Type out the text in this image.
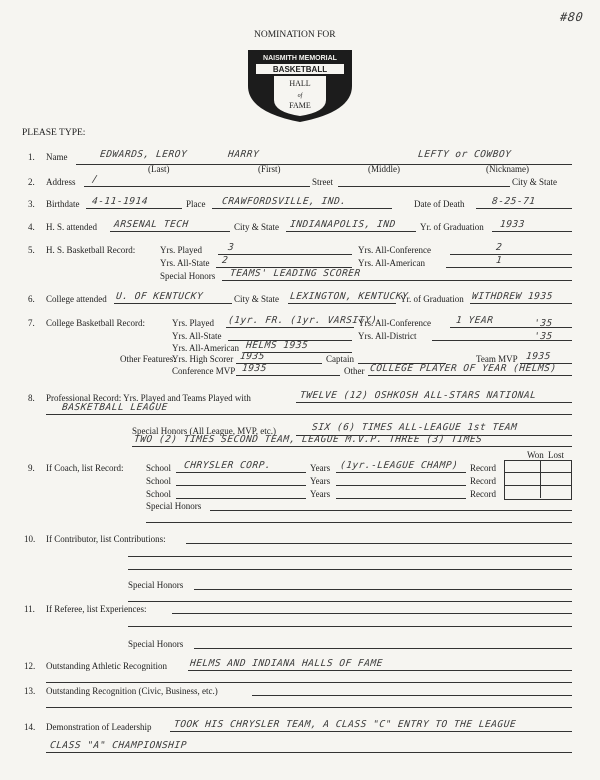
NOMINATION FOR
#80
NAISMITH MEMORIAL
BASKETBALL
HALL
of
FAME
PLEASE TYPE:
1. Name	EDWARDS, LEROY	HARRY	LEFTY or COWBOY
(Last)	(First)	(Middle)	(Nickname)
2. Address /	Street	City & State
3. Birthdate 4-11-1914	Place CRAWFORDSVILLE, IND.	Date of Death	8-25-71
4. H. S. attended ARSENAL TECH	City & State INDIANAPOLIS, IND	Yr. of Graduation 1933
5. H. S. Basketball Record:	Yrs. Played	3	Yrs. All-Conference	2
Yrs. All-State 2	Yrs. All-American	1
Special Honors TEAMS' LEADING SCORER
6. College attended U. OF KENTUCKY	City & State LEXINGTON, KENTUCKY
Yr. of Graduation WITHDREW 1935
7. College Basketball Record:	Yrs. Played (1yr. FR. (1yr. VARSITY)
Yrs. All-Conference	1 YEAR	'35
Yrs. All-State	Yrs. All-District	'35
Yrs. All-American HELMS 1935
Other Features:
Yrs. High Scorer 1935	Captain	Team MVP 1935
Conference MVP 1935	Other COLLEGE PLAYER OF YEAR (HELMS)
8. Professional Record: Yrs. Played and Teams Played with	TWELVE (12) OSHKOSH ALL-STARS NATIONAL
BASKETBALL LEAGUE
Special Honors (All League, MVP, etc.)	SIX (6) TIMES ALL-LEAGUE 1st TEAM
TWO (2) TIMES SECOND TEAM, LEAGUE M.V.P. THREE (3) TIMES
Won Lost
9. If Coach, list Record:	School CHRYSLER CORP.	Years (1yr.-LEAGUE CHAMP) Record
School	Years	Record
School	Years	Record
Special Honors
10. If Contributor, list Contributions:
Special Honors
11. If Referee, list Experiences:
Special Honors
12. Outstanding Athletic Recognition HELMS AND INDIANA HALLS OF FAME
13. Outstanding Recognition (Civic, Business, etc.)
14. Demonstration of Leadership TOOK HIS CHRYSLER TEAM, A CLASS "C" ENTRY TO THE LEAGUE
CLASS "A" CHAMPIONSHIP
